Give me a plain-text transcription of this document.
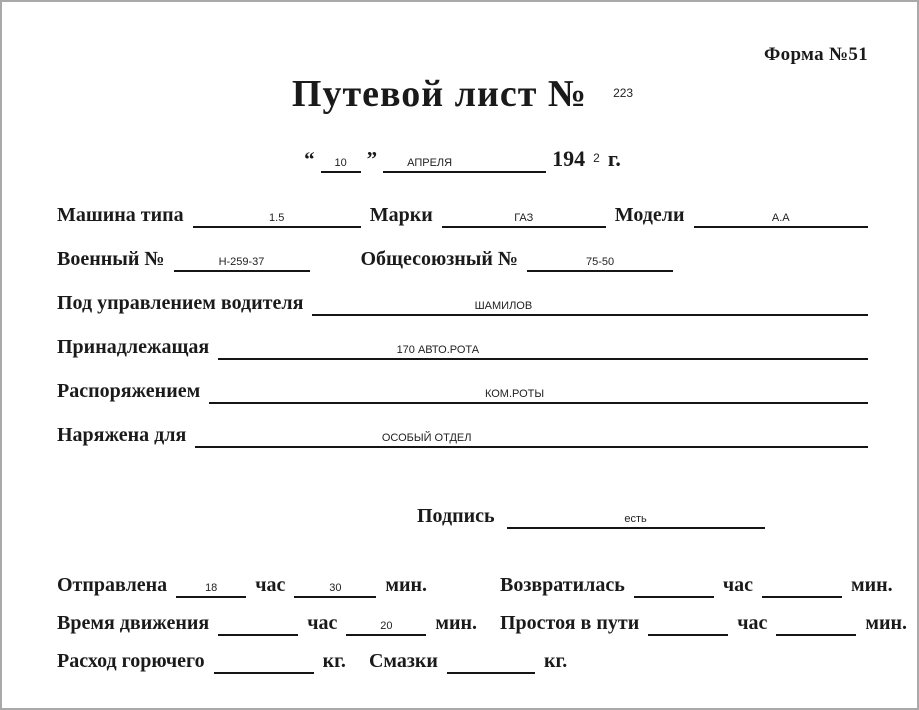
Форма №51
Путевой лист № 223
“ 10 ”	АПРЕЛЯ	194 2 г.
Машина типа	1.5	Марки	ГАЗ	Модели	А.А
Военный №	Н-259-37	Общесоюзный №	75-50
Под управлением водителя	ШАМИЛОВ
Принадлежащая	170 АВТО.РОТА
Распоряжением	КОМ.РОТЫ
Наряжена для	ОСОБЫЙ ОТДЕЛ
Подпись	есть
Отправлена	18 час	30 мин.	Возвратилась	час	мин.
Время движения	час	20 мин. Простоя в пути	час	мин.
Расход горючего	кг. Смазки	кг.
